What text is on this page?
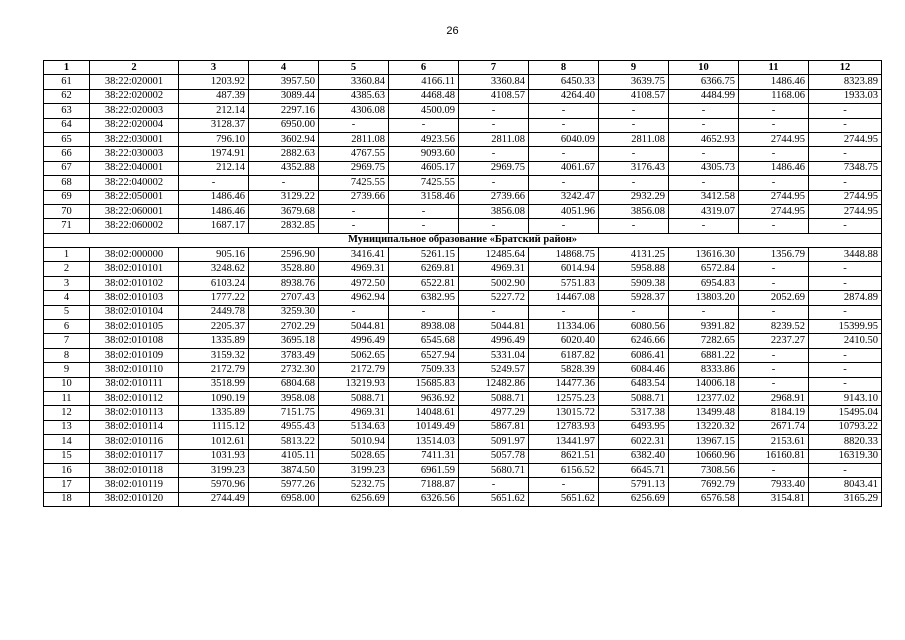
26
1	2	3	4	5	6	7	8	9	10	11	12
61	38:22:020001	1203.92	3957.50	3360.84	4166.11	3360.84	6450.33	3639.75	6366.75	1486.46	8323.89
62	38:22:020002	487.39	3089.44	4385.63	4468.48	4108.57	4264.40	4108.57	4484.99	1168.06	1933.03
63	38:22:020003	212.14	2297.16	4306.08	4500.09	-	-	-	-	-	-
64	38:22:020004	3128.37	6950.00	-	-	-	-	-	-	-	-
65	38:22:030001	796.10	3602.94	2811.08	4923.56	2811.08	6040.09	2811.08	4652.93	2744.95	2744.95
66	38:22:030003	1974.91	2882.63	4767.55	9093.60	-	-	-	-	-	-
67	38:22:040001	212.14	4352.88	2969.75	4605.17	2969.75	4061.67	3176.43	4305.73	1486.46	7348.75
68	38:22:040002	-	-	7425.55	7425.55	-	-	-	-	-	-
69	38:22:050001	1486.46	3129.22	2739.66	3158.46	2739.66	3242.47	2932.29	3412.58	2744.95	2744.95
70	38:22:060001	1486.46	3679.68	-	-	3856.08	4051.96	3856.08	4319.07	2744.95	2744.95
71	38:22:060002	1687.17	2832.85	-	-	-	-	-	-	-	-
Муниципальное образование «Братский район»											
1	38:02:000000	905.16	2596.90	3416.41	5261.15	12485.64	14868.75	4131.25	13616.30	1356.79	3448.88
2	38:02:010101	3248.62	3528.80	4969.31	6269.81	4969.31	6014.94	5958.88	6572.84	-	-
3	38:02:010102	6103.24	8938.76	4972.50	6522.81	5002.90	5751.83	5909.38	6954.83	-	-
4	38:02:010103	1777.22	2707.43	4962.94	6382.95	5227.72	14467.08	5928.37	13803.20	2052.69	2874.89
5	38:02:010104	2449.78	3259.30	-	-	-	-	-	-	-	-
6	38:02:010105	2205.37	2702.29	5044.81	8938.08	5044.81	11334.06	6080.56	9391.82	8239.52	15399.95
7	38:02:010108	1335.89	3695.18	4996.49	6545.68	4996.49	6020.40	6246.66	7282.65	2237.27	2410.50
8	38:02:010109	3159.32	3783.49	5062.65	6527.94	5331.04	6187.82	6086.41	6881.22	-	-
9	38:02:010110	2172.79	2732.30	2172.79	7509.33	5249.57	5828.39	6084.46	8333.86	-	-
10	38:02:010111	3518.99	6804.68	13219.93	15685.83	12482.86	14477.36	6483.54	14006.18	-	-
11	38:02:010112	1090.19	3958.08	5088.71	9636.92	5088.71	12575.23	5088.71	12377.02	2968.91	9143.10
12	38:02:010113	1335.89	7151.75	4969.31	14048.61	4977.29	13015.72	5317.38	13499.48	8184.19	15495.04
13	38:02:010114	1115.12	4955.43	5134.63	10149.49	5867.81	12783.93	6493.95	13220.32	2671.74	10793.22
14	38:02:010116	1012.61	5813.22	5010.94	13514.03	5091.97	13441.97	6022.31	13967.15	2153.61	8820.33
15	38:02:010117	1031.93	4105.11	5028.65	7411.31	5057.78	8621.51	6382.40	10660.96	16160.81	16319.30
16	38:02:010118	3199.23	3874.50	3199.23	6961.59	5680.71	6156.52	6645.71	7308.56	-	-
17	38:02:010119	5970.96	5977.26	5232.75	7188.87	-	-	5791.13	7692.79	7933.40	8043.41
18	38:02:010120	2744.49	6958.00	6256.69	6326.56	5651.62	5651.62	6256.69	6576.58	3154.81	3165.29
